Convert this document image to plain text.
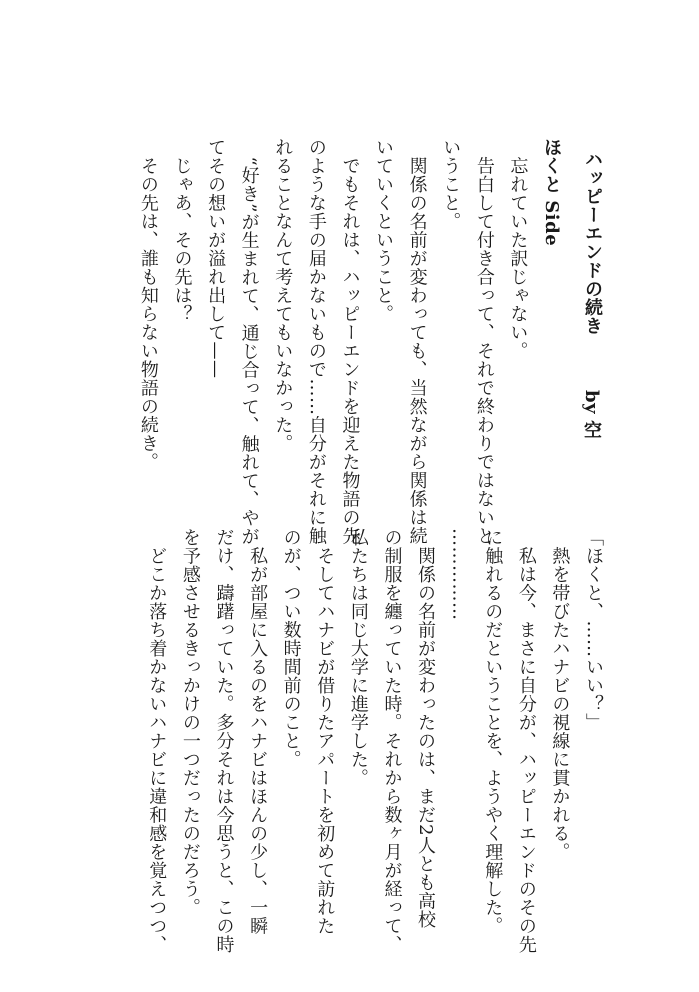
ハッピーエンドの続き

by 空

ほくと Side

　忘れていた訳じゃない。

　告白して付き合って、それで終わりではないと

いうこと。

　関係の名前が変わっても、当然ながら関係は続

いていくということ。

　でもそれは、ハッピーエンドを迎えた物語の先

のような手の届かないもので……自分がそれに触

れることなんて考えてもいなかった。

　“好き”が生まれて、通じ合って、触れて、やが

てその想いが溢れ出して——

　じゃあ、その先は？

　その先は、誰も知らない物語の続き。

「ほくと、……いい？」

　熱を帯びたハナビの視線に貫かれる。

　私は今、まさに自分が、ハッピーエンドのその先

に触れるのだということを、ようやく理解した。

……………

　関係の名前が変わったのは、まだ2人とも高校

の制服を纏っていた時。それから数ヶ月が経って、

私たちは同じ大学に進学した。

　そしてハナビが借りたアパートを初めて訪れた

のが、つい数時間前のこと。

　私が部屋に入るのをハナビはほんの少し、一瞬

だけ、躊躇っていた。多分それは今思うと、この時

を予感させるきっかけの一つだったのだろう。

　どこか落ち着かないハナビに違和感を覚えつつ、
